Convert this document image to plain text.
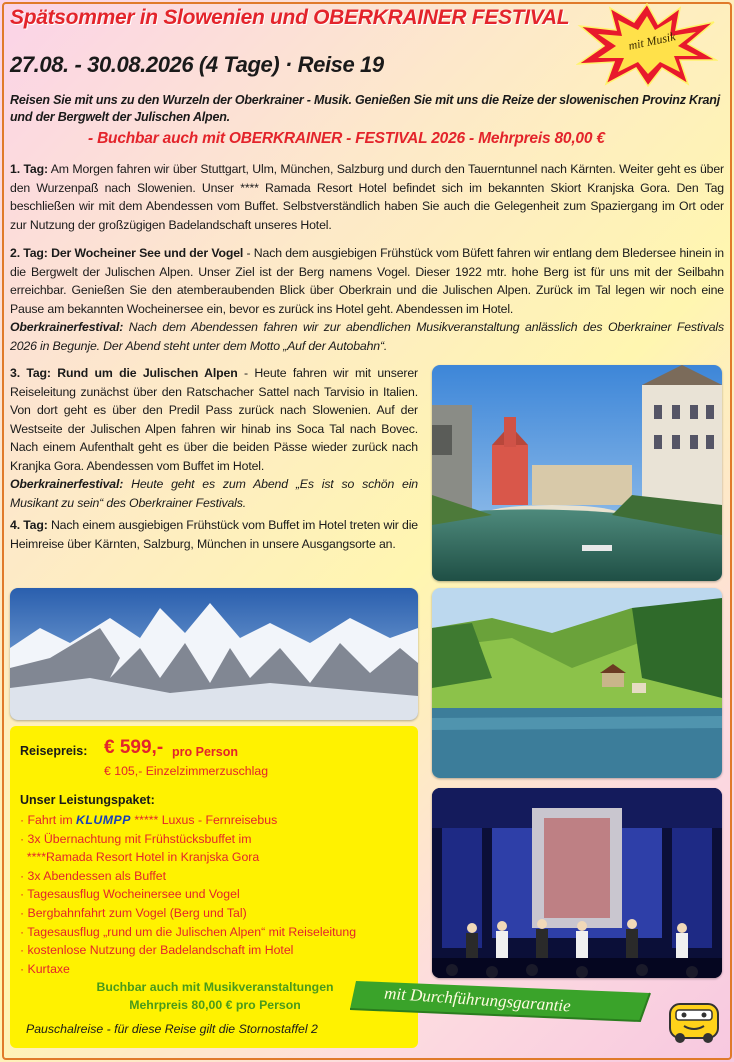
Spätsommer in Slowenien und OBERKRAINER FESTIVAL
mit Musik
27.08. - 30.08.2026 (4 Tage) · Reise 19
Reisen Sie mit uns zu den Wurzeln der Oberkrainer - Musik. Genießen Sie mit uns die Reize der slowenischen Provinz Kranj
und der Bergwelt der Julischen Alpen.
- Buchbar auch mit OBERKRAINER - FESTIVAL 2026 - Mehrpreis 80,00 €
1. Tag: Am Morgen fahren wir über Stuttgart, Ulm, München, Salzburg und durch den Tauerntunnel nach Kärnten. Weiter geht es über den Wurzenpaß nach Slowenien. Unser **** Ramada Resort Hotel befindet sich im bekannten Skiort Kranjska Gora. Den Tag beschließen wir mit dem Abendessen vom Buffet. Selbstverständlich haben Sie auch die Gelegenheit zum Spaziergang im Ort oder zur Nutzung der großzügigen Badelandschaft unseres Hotel.
2. Tag: Der Wocheiner See und der Vogel - Nach dem ausgiebigen Frühstück vom Büfett fahren wir entlang dem Bledersee hinein in die Bergwelt der Julischen Alpen. Unser Ziel ist der Berg namens Vogel. Dieser 1922 mtr. hohe Berg ist für uns mit der Seilbahn erreichbar. Genießen Sie den atemberaubenden Blick über Oberkrain und die Julischen Alpen. Zurück im Tal legen wir noch eine Pause am bekannten Wocheinersee ein, bevor es zurück ins Hotel geht. Abendessen im Hotel.
Oberkrainerfestival: Nach dem Abendessen fahren wir zur abendlichen Musikveranstaltung anlässlich des Oberkrainer Festivals 2026 in Begunje. Der Abend steht unter dem Motto „Auf der Autobahn“.
3. Tag: Rund um die Julischen Alpen - Heute fahren wir mit unserer Reiseleitung zunächst über den Ratschacher Sattel nach Tarvisio in Italien. Von dort geht es über den Predil Pass zurück nach Slowenien. Auf der Westseite der Julischen Alpen fahren wir hinab ins Soca Tal nach Bovec. Nach einem Aufenthalt geht es über die beiden Pässe wieder zurück nach Kranjka Gora. Abendessen vom Buffet im Hotel.
Oberkrainerfestival: Heute geht es zum Abend „Es ist so schön ein Musikant zu sein“ des Oberkrainer Festivals.
4. Tag: Nach einem ausgiebigen Frühstück vom Buffet im Hotel treten wir die Heimreise über Kärnten, Salzburg, München in unsere Ausgangsorte an.
Reisepreis: € 599,- pro Person
€ 105,- Einzelzimmerzuschlag
Unser Leistungspaket:
· Fahrt im KLUMPP ***** Luxus - Fernreisebus
· 3x Übernachtung mit Frühstücksbuffet im
****Ramada Resort Hotel in Kranjska Gora
· 3x Abendessen als Buffet
· Tagesausflug Wocheinersee und Vogel
· Bergbahnfahrt zum Vogel (Berg und Tal)
· Tagesausflug „rund um die Julischen Alpen“ mit Reiseleitung
· kostenlose Nutzung der Badelandschaft im Hotel
· Kurtaxe
Buchbar auch mit Musikveranstaltungen
Mehrpreis 80,00 € pro Person
Pauschalreise - für diese Reise gilt die Stornostaffel 2
mit Durchführungsgarantie
